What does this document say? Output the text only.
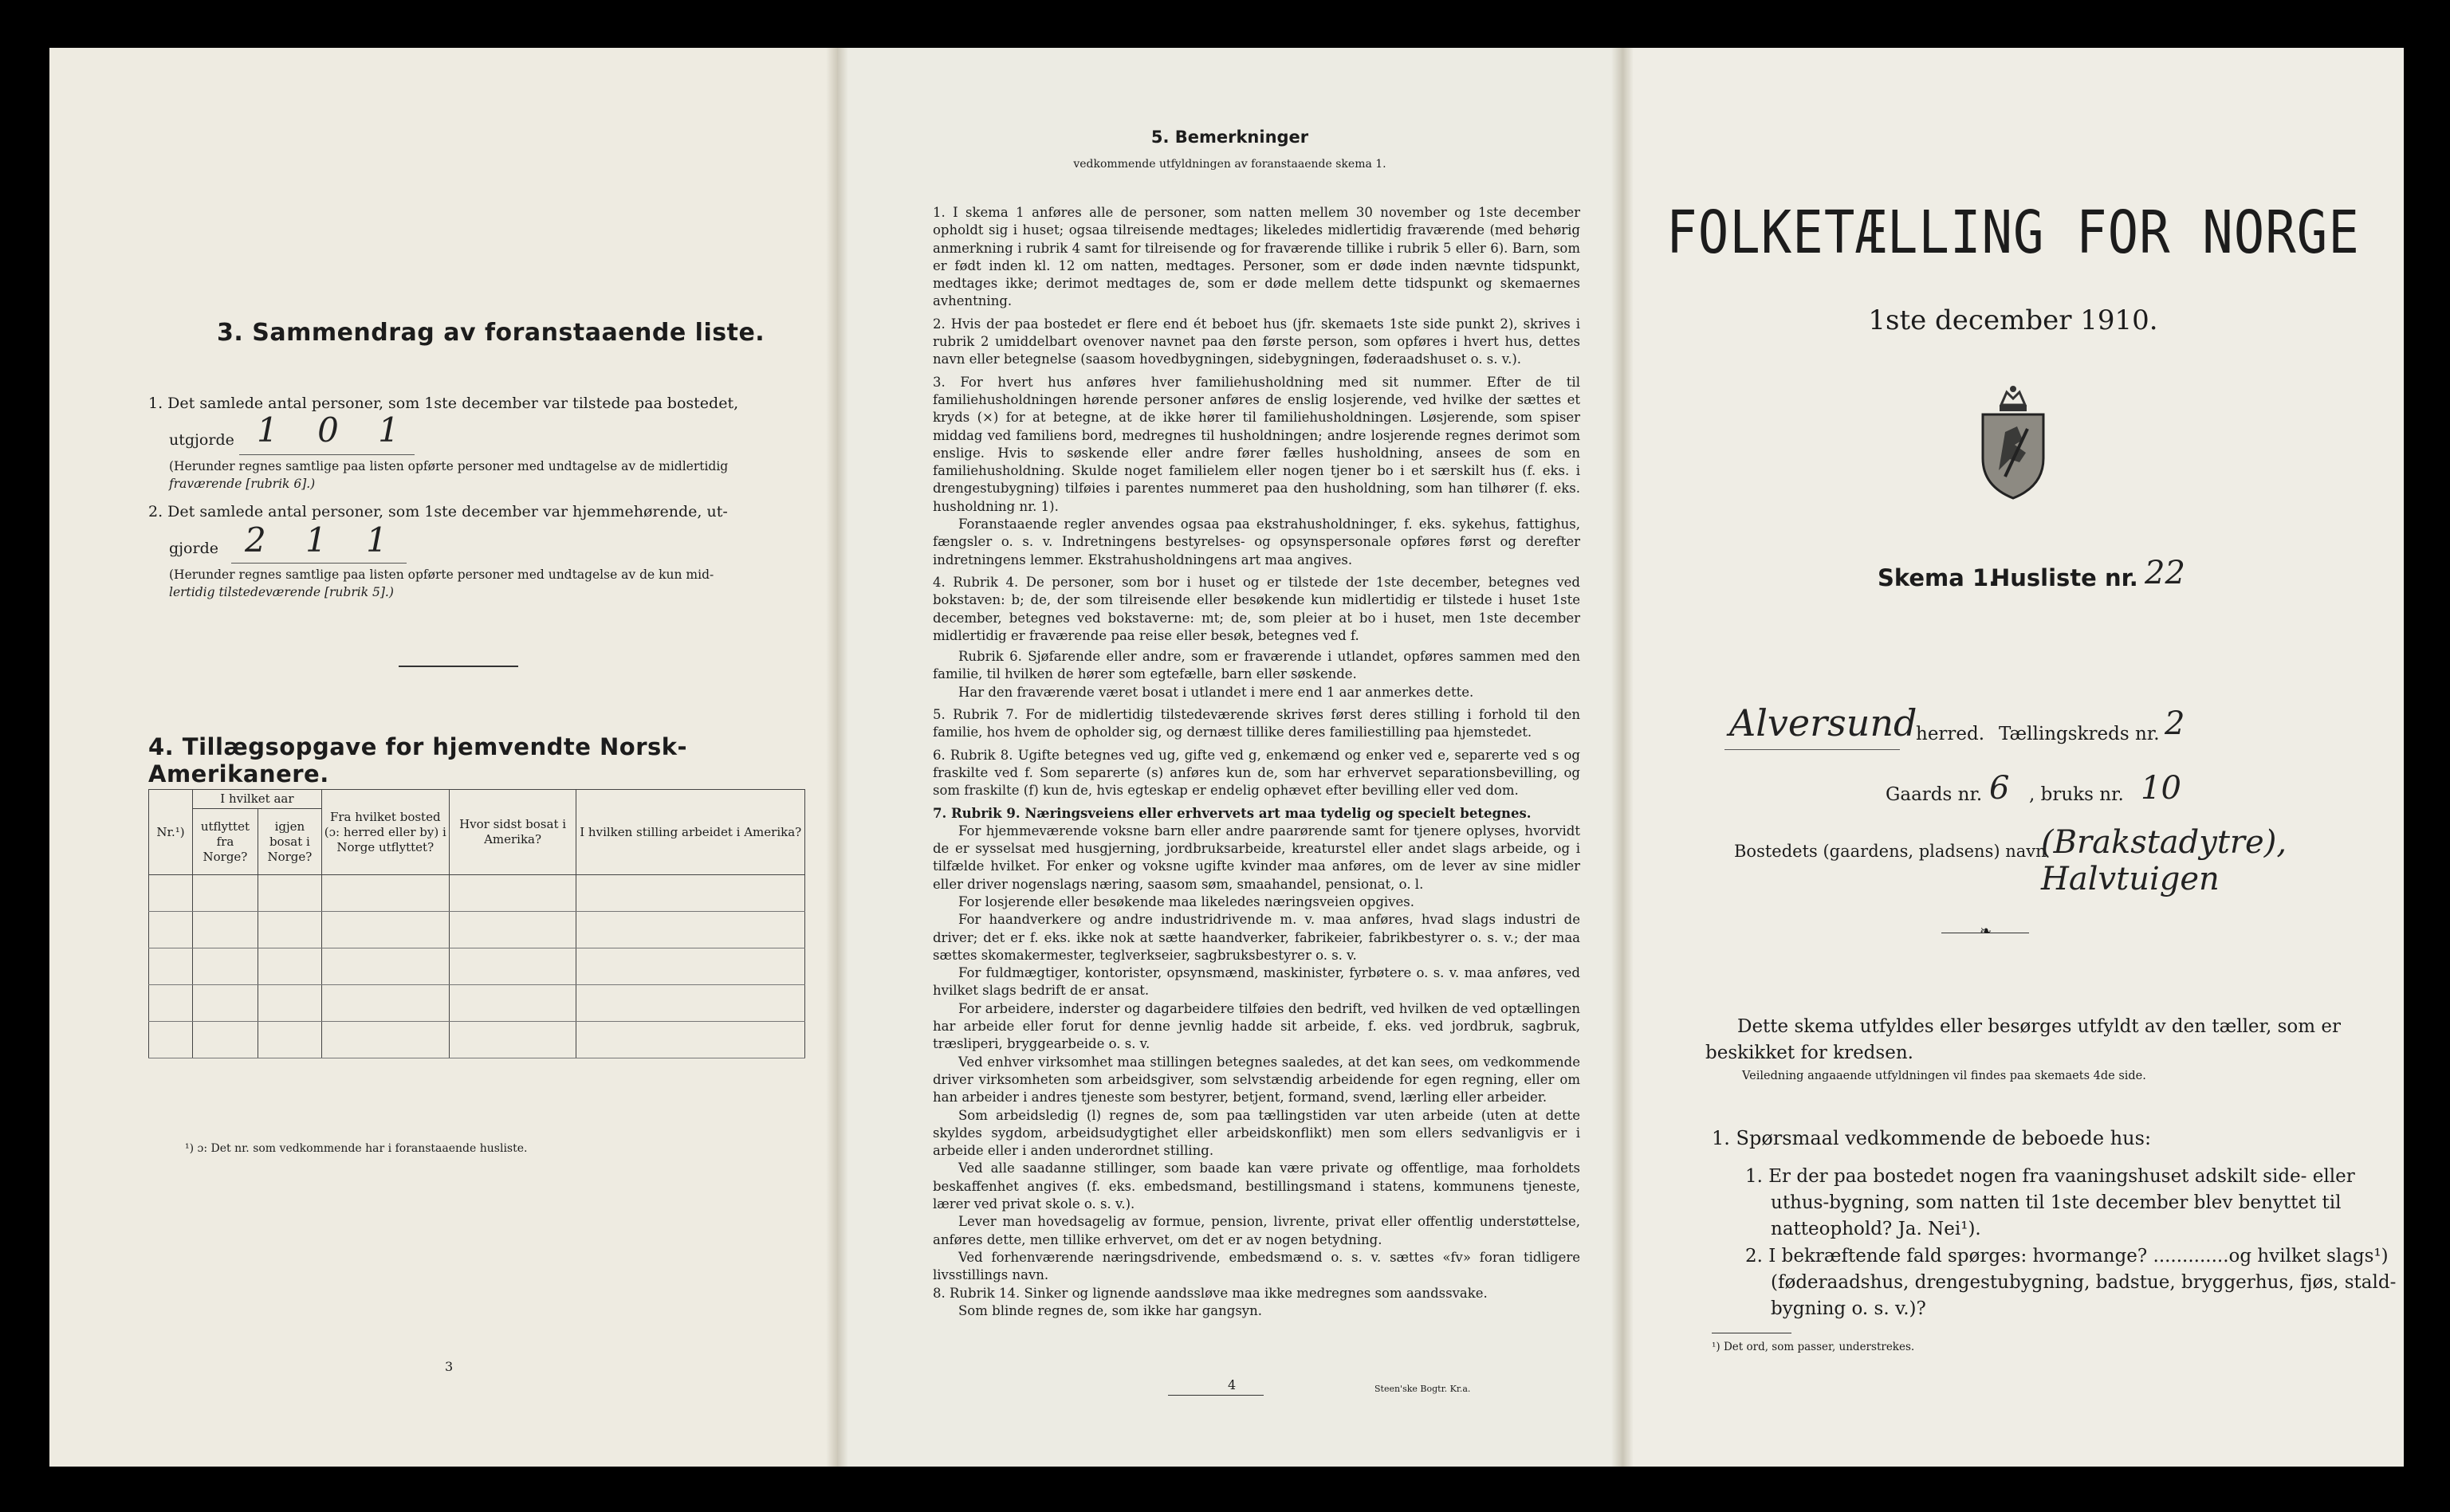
3. Sammendrag av foranstaaende liste.
1. Det samlede antal personer, som 1ste december var tilstede paa bostedet,
utgjorde 1 0 1
(Herunder regnes samtlige paa listen opførte personer med undtagelse av de midlertidig
fraværende [rubrik 6].)
2. Det samlede antal personer, som 1ste december var hjemmehørende, ut-
gjorde 2 1 1
(Herunder regnes samtlige paa listen opførte personer med undtagelse av de kun mid-
lertidig tilstedeværende [rubrik 5].)
4. Tillægsopgave for hjemvendte Norsk-Amerikanere.
Nr.¹)	I hvilket aar		Fra hvilket bosted (ɔ: herred eller by) i Norge utflyttet?	Hvor sidst bosat i Amerika?	I hvilken stilling arbeidet i Amerika?
	utflyttet fra Norge?	igjen bosat i Norge?			

¹) ɔ: Det nr. som vedkommende har i foranstaaende husliste.
3
5. Bemerkninger
vedkommende utfyldningen av foranstaaende skema 1.
1. I skema 1 anføres alle de personer, som natten mellem 30 november og 1ste december opholdt sig i huset; ogsaa tilreisende medtages; likeledes midlertidig fraværende (med behørig anmerkning i rubrik 4 samt for tilreisende og for fraværende tillike i rubrik 5 eller 6). Barn, som er født inden kl. 12 om natten, medtages. Personer, som er døde inden nævnte tidspunkt, medtages ikke; derimot medtages de, som er døde mellem dette tidspunkt og skemaernes avhentning.
2. Hvis der paa bostedet er flere end ét beboet hus (jfr. skemaets 1ste side punkt 2), skrives i rubrik 2 umiddelbart ovenover navnet paa den første person, som opføres i hvert hus, dettes navn eller betegnelse (saasom hovedbygningen, sidebygningen, føderaadshuset o. s. v.).
3. For hvert hus anføres hver familiehusholdning med sit nummer. Efter de til familiehusholdningen hørende personer anføres de enslig losjerende, ved hvilke der sættes et kryds (×) for at betegne, at de ikke hører til familiehusholdningen. Løsjerende, som spiser middag ved familiens bord, medregnes til husholdningen; andre losjerende regnes derimot som enslige. Hvis to søskende eller andre fører fælles husholdning, ansees de som en familiehusholdning. Skulde noget familielem eller nogen tjener bo i et særskilt hus (f. eks. i drengestubygning) tilføies i parentes nummeret paa den husholdning, som han tilhører (f. eks. husholdning nr. 1).
Foranstaaende regler anvendes ogsaa paa ekstrahusholdninger, f. eks. sykehus, fattighus, fængsler o. s. v. Indretningens bestyrelses- og opsynspersonale opføres først og derefter indretningens lemmer. Ekstrahusholdningens art maa angives.
4. Rubrik 4. De personer, som bor i huset og er tilstede der 1ste december, betegnes ved bokstaven: b; de, der som tilreisende eller besøkende kun midlertidig er tilstede i huset 1ste december, betegnes ved bokstaverne: mt; de, som pleier at bo i huset, men 1ste december midlertidig er fraværende paa reise eller besøk, betegnes ved f.
Rubrik 6. Sjøfarende eller andre, som er fraværende i utlandet, opføres sammen med den familie, til hvilken de hører som egtefælle, barn eller søskende.
Har den fraværende været bosat i utlandet i mere end 1 aar anmerkes dette.
5. Rubrik 7. For de midlertidig tilstedeværende skrives først deres stilling i forhold til den familie, hos hvem de opholder sig, og dernæst tillike deres familiestilling paa hjemstedet.
6. Rubrik 8. Ugifte betegnes ved ug, gifte ved g, enkemænd og enker ved e, separerte ved s og fraskilte ved f. Som separerte (s) anføres kun de, som har erhvervet separationsbevilling, og som fraskilte (f) kun de, hvis egteskap er endelig ophævet efter bevilling eller ved dom.
7. Rubrik 9. Næringsveiens eller erhvervets art maa tydelig og specielt betegnes.
For hjemmeværende voksne barn eller andre paarørende samt for tjenere oplyses, hvorvidt de er sysselsat med husgjerning, jordbruksarbeide, kreaturstel eller andet slags arbeide, og i tilfælde hvilket. For enker og voksne ugifte kvinder maa anføres, om de lever av sine midler eller driver nogenslags næring, saasom søm, smaahandel, pensionat, o. l.
For losjerende eller besøkende maa likeledes næringsveien opgives.
For haandverkere og andre industridrivende m. v. maa anføres, hvad slags industri de driver; det er f. eks. ikke nok at sætte haandverker, fabrikeier, fabrikbestyrer o. s. v.; der maa sættes skomakermester, teglverkseier, sagbruksbestyrer o. s. v.
For fuldmægtiger, kontorister, opsynsmænd, maskinister, fyrbøtere o. s. v. maa anføres, ved hvilket slags bedrift de er ansat.
For arbeidere, inderster og dagarbeidere tilføies den bedrift, ved hvilken de ved optællingen har arbeide eller forut for denne jevnlig hadde sit arbeide, f. eks. ved jordbruk, sagbruk, træsliperi, bryggearbeide o. s. v.
Ved enhver virksomhet maa stillingen betegnes saaledes, at det kan sees, om vedkommende driver virksomheten som arbeidsgiver, som selvstændig arbeidende for egen regning, eller om han arbeider i andres tjeneste som bestyrer, betjent, formand, svend, lærling eller arbeider.
Som arbeidsledig (l) regnes de, som paa tællingstiden var uten arbeide (uten at dette skyldes sygdom, arbeidsudygtighet eller arbeidskonflikt) men som ellers sedvanligvis er i arbeide eller i anden underordnet stilling.
Ved alle saadanne stillinger, som baade kan være private og offentlige, maa forholdets beskaffenhet angives (f. eks. embedsmand, bestillingsmand i statens, kommunens tjeneste, lærer ved privat skole o. s. v.).
Lever man hovedsagelig av formue, pension, livrente, privat eller offentlig understøttelse, anføres dette, men tillike erhvervet, om det er av nogen betydning.
Ved forhenværende næringsdrivende, embedsmænd o. s. v. sættes «fv» foran tidligere livsstillings navn.
8. Rubrik 14. Sinker og lignende aandssløve maa ikke medregnes som aandssvake.
Som blinde regnes de, som ikke har gangsyn.
4	Steen'ske Bogtr. Kr.a.
FOLKETÆLLING FOR NORGE
1ste december 1910.
Skema 1.
Husliste nr. 22
Alversund
herred. Tællingskreds nr. 2
Gaards nr. 6 , bruks nr. 10
Bostedets (gaardens, pladsens) navn
(Brakstadytre), Halvtuigen
❧
Dette skema utfyldes eller besørges utfyldt av den tæller, som er
beskikket for kredsen.
Veiledning angaaende utfyldningen vil findes paa skemaets 4de side.
1. Spørsmaal vedkommende de beboede hus:
1. Er der paa bostedet nogen fra vaaningshuset adskilt side- eller
uthus-bygning, som natten til 1ste december blev benyttet til
natteophold? Ja. Nei¹).
2. I bekræftende fald spørges: hvormange? .............og hvilket slags¹)
(føderaadshus, drengestubygning, badstue, bryggerhus, fjøs, stald-
bygning o. s. v.)?
¹) Det ord, som passer, understrekes.
